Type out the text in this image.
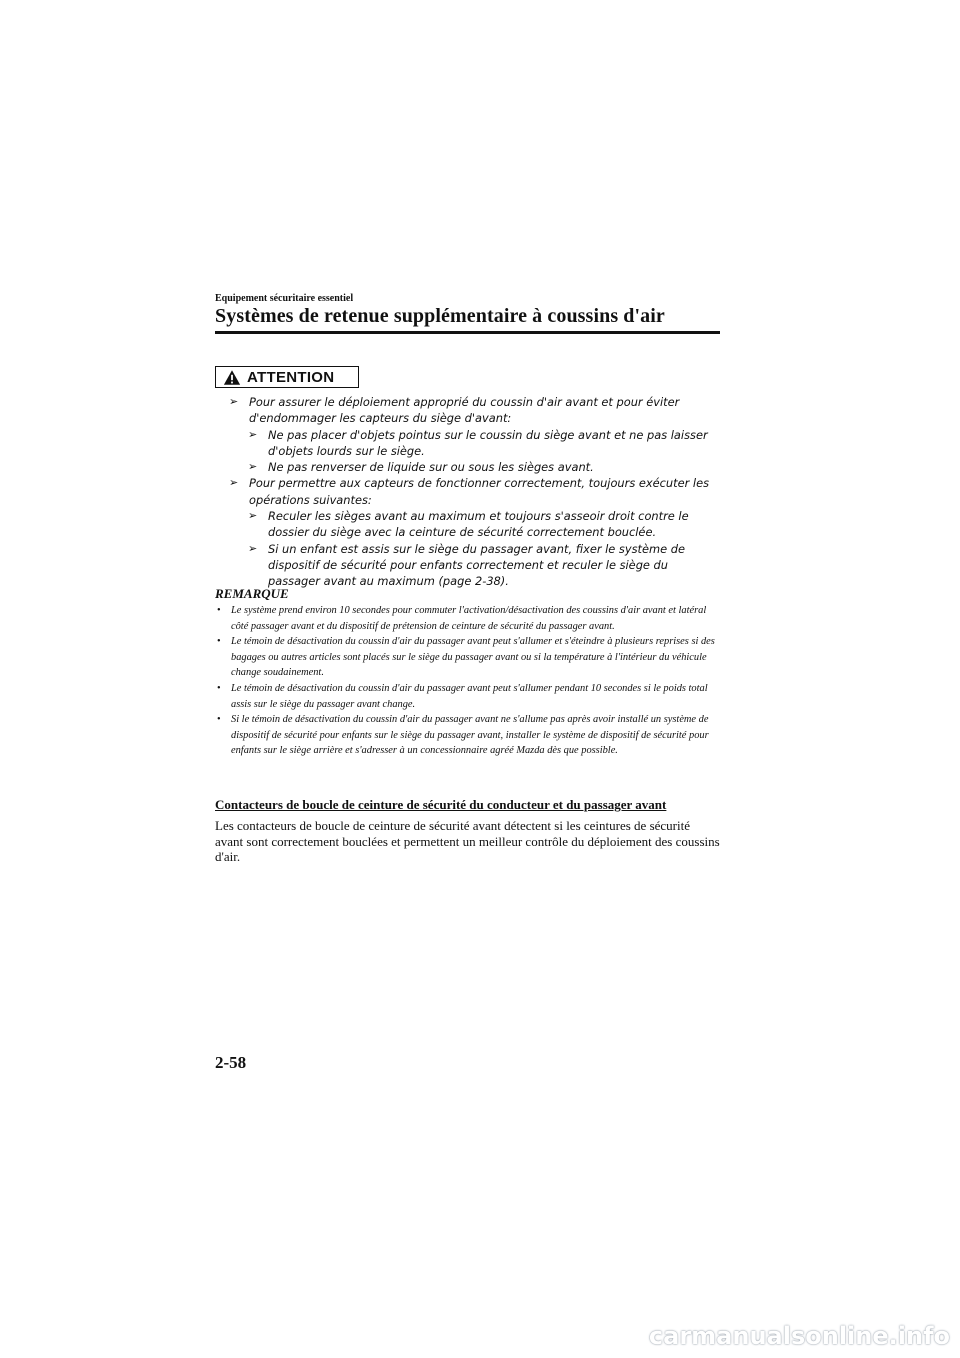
Equipement sécuritaire essentiel
Systèmes de retenue supplémentaire à coussins d'air
ATTENTION
➢ Pour assurer le déploiement approprié du coussin d'air avant et pour éviter d'endommager les capteurs du siège d'avant:
➢ Ne pas placer d'objets pointus sur le coussin du siège avant et ne pas laisser d'objets lourds sur le siège.
➢ Ne pas renverser de liquide sur ou sous les sièges avant.
➢ Pour permettre aux capteurs de fonctionner correctement, toujours exécuter les opérations suivantes:
➢ Reculer les sièges avant au maximum et toujours s'asseoir droit contre le dossier du siège avec la ceinture de sécurité correctement bouclée.
➢ Si un enfant est assis sur le siège du passager avant, fixer le système de dispositif de sécurité pour enfants correctement et reculer le siège du passager avant au maximum (page 2-38).
REMARQUE
• Le système prend environ 10 secondes pour commuter l'activation/désactivation des coussins d'air avant et latéral côté passager avant et du dispositif de prétension de ceinture de sécurité du passager avant.
• Le témoin de désactivation du coussin d'air du passager avant peut s'allumer et s'éteindre à plusieurs reprises si des bagages ou autres articles sont placés sur le siège du passager avant ou si la température à l'intérieur du véhicule change soudainement.
• Le témoin de désactivation du coussin d'air du passager avant peut s'allumer pendant 10 secondes si le poids total assis sur le siège du passager avant change.
• Si le témoin de désactivation du coussin d'air du passager avant ne s'allume pas après avoir installé un système de dispositif de sécurité pour enfants sur le siège du passager avant, installer le système de dispositif de sécurité pour enfants sur le siège arrière et s'adresser à un concessionnaire agréé Mazda dès que possible.
Contacteurs de boucle de ceinture de sécurité du conducteur et du passager avant

Les contacteurs de boucle de ceinture de sécurité avant détectent si les ceintures de sécurité avant sont correctement bouclées et permettent un meilleur contrôle du déploiement des coussins d'air.

2-58
carmanualsonline.info
